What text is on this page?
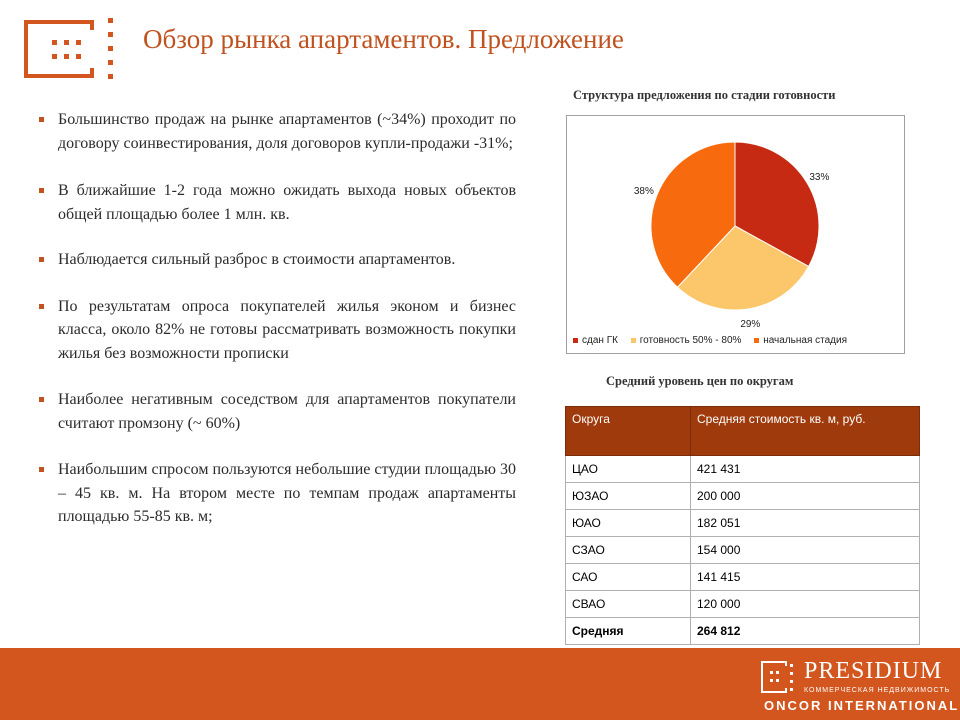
Обзор рынка апартаментов. Предложение
Большинство продаж на рынке апартаментов (~34%) проходит по договору соинвестирования, доля договоров купли-продажи -31%;
В ближайшие 1-2 года можно ожидать выхода новых объектов общей площадью более 1 млн. кв.
Наблюдается сильный разброс в стоимости апартаментов.
По результатам опроса покупателей жилья эконом и бизнес класса, около 82% не готовы рассматривать возможность покупки жилья без возможности прописки
Наиболее негативным соседством для апартаментов покупатели считают промзону (~ 60%)
Наибольшим спросом пользуются небольшие студии площадью 30 – 45 кв. м. На втором месте по темпам продаж апартаменты площадью 55-85 кв. м;
Структура предложения по стадии готовности
33%
29%
38%
сдан ГК готовность 50% - 80% начальная стадия
Средний уровень цен по округам
Округа	Средняя стоимость кв. м, руб.
ЦАО	421 431
ЮЗАО	200 000
ЮАО	182 051
СЗАО	154 000
САО	141 415
СВАО	120 000
Средняя	264 812
PRESIDIUM
КОММЕРЧЕСКАЯ НЕДВИЖИМОСТЬ
ONCOR INTERNATIONAL
